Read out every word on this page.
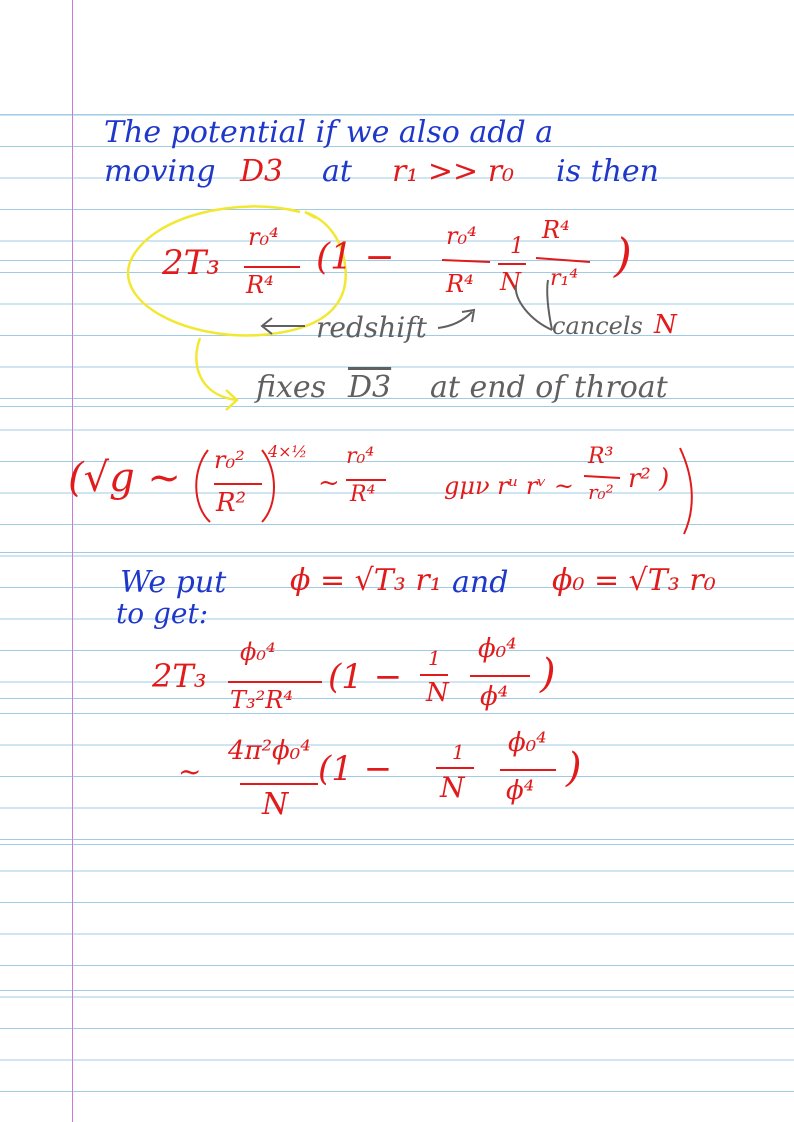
The potential if we also add a
moving D3 at r₁ >> r₀ is then
2T₃
r₀⁴
R⁴
(1 −
r₀⁴
R⁴
1
N
R⁴
r₁⁴ )
redshift	cancels N
fixes D3 at end of throat
(√g ~ r₀²
R²
4×½
~
r₀⁴
R⁴	gμν rᵘ rᵛ ~
R³
r₀² r² )
We put ϕ = √T₃ r₁ and ϕ₀ = √T₃ r₀
to get:
2T₃
ϕ₀⁴
T₃²R⁴
(1 − 1
N
ϕ₀⁴
ϕ⁴ )
~
4π²ϕ₀⁴
N
(1 −	1
N
ϕ₀⁴
ϕ⁴ )
